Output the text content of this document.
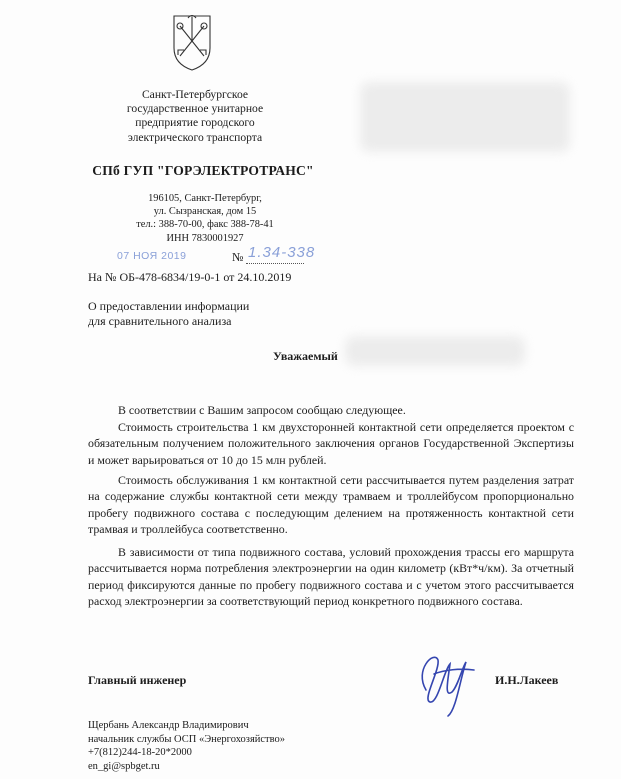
Санкт-Петербургское
государственное унитарное
предприятие городского
электрического транспорта
СПб ГУП "ГОРЭЛЕКТРОТРАНС"
196105, Санкт-Петербург,
ул. Сызранская, дом 15
тел.: 388-70-00, факс 388-78-41
ИНН 7830001927
07 НОЯ 2019	№ 1.34-338
На № ОБ-478-6834/19-0-1 от 24.10.2019
О предоставлении информации
для сравнительного анализа
Уважаемый
В соответствии с Вашим запросом сообщаю следующее.
Стоимость строительства 1 км двухсторонней контактной сети определяется проектом с обязательным получением положительного заключения органов Государственной Экспертизы и может варьироваться от 10 до 15 млн рублей.
Стоимость обслуживания 1 км контактной сети рассчитывается путем разделения затрат на содержание службы контактной сети между трамваем и троллейбусом пропорционально пробегу подвижного состава с последующим делением на протяженность контактной сети трамвая и троллейбуса соответственно.
В зависимости от типа подвижного состава, условий прохождения трассы его маршрута рассчитывается норма потребления электроэнергии на один километр (кВт*ч/км). За отчетный период фиксируются данные по пробегу подвижного состава и с учетом этого рассчитывается расход электроэнергии за соответствующий период конкретного подвижного состава.
Главный инженер	И.Н.Лакеев
Щербань Александр Владимирович
начальник службы ОСП «Энергохозяйство»
+7(812)244-18-20*2000
en_gi@spbget.ru
